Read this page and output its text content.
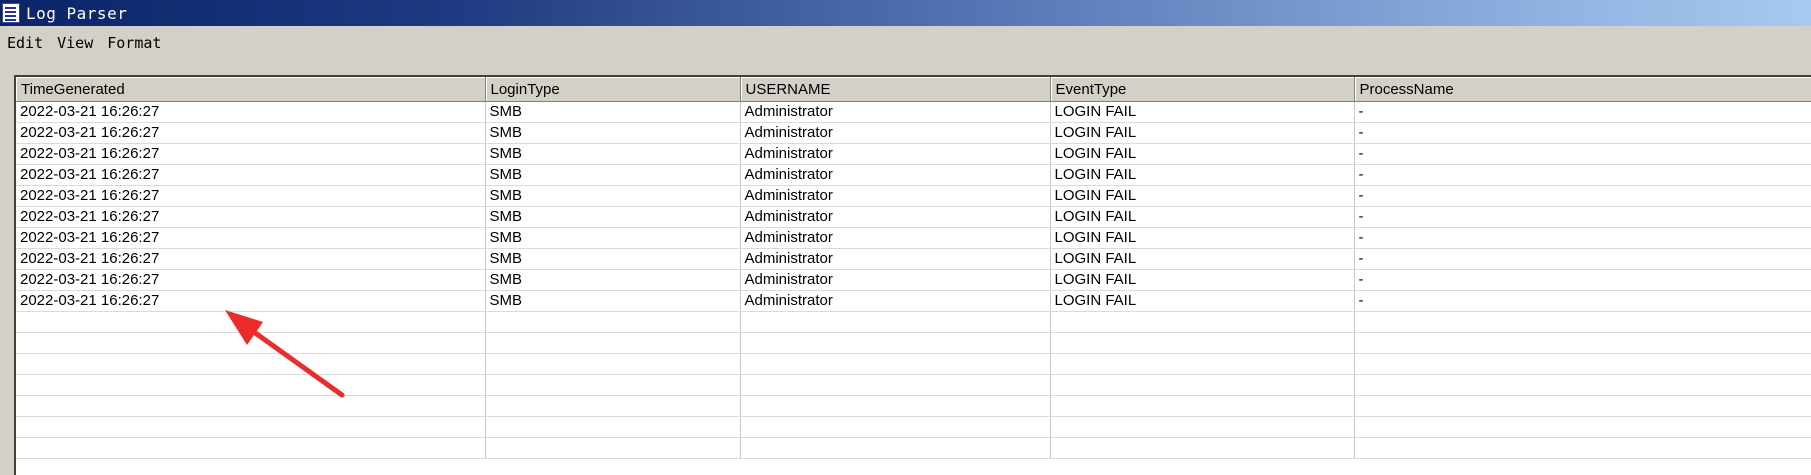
Log Parser
Edit View Format
TimeGenerated	LoginType	USERNAME	EventType	ProcessName
2022-03-21 16:26:27	SMB	Administrator	LOGIN FAIL	-
2022-03-21 16:26:27	SMB	Administrator	LOGIN FAIL	-
2022-03-21 16:26:27	SMB	Administrator	LOGIN FAIL	-
2022-03-21 16:26:27	SMB	Administrator	LOGIN FAIL	-
2022-03-21 16:26:27	SMB	Administrator	LOGIN FAIL	-
2022-03-21 16:26:27	SMB	Administrator	LOGIN FAIL	-
2022-03-21 16:26:27	SMB	Administrator	LOGIN FAIL	-
2022-03-21 16:26:27	SMB	Administrator	LOGIN FAIL	-
2022-03-21 16:26:27	SMB	Administrator	LOGIN FAIL	-
2022-03-21 16:26:27	SMB	Administrator	LOGIN FAIL	-
